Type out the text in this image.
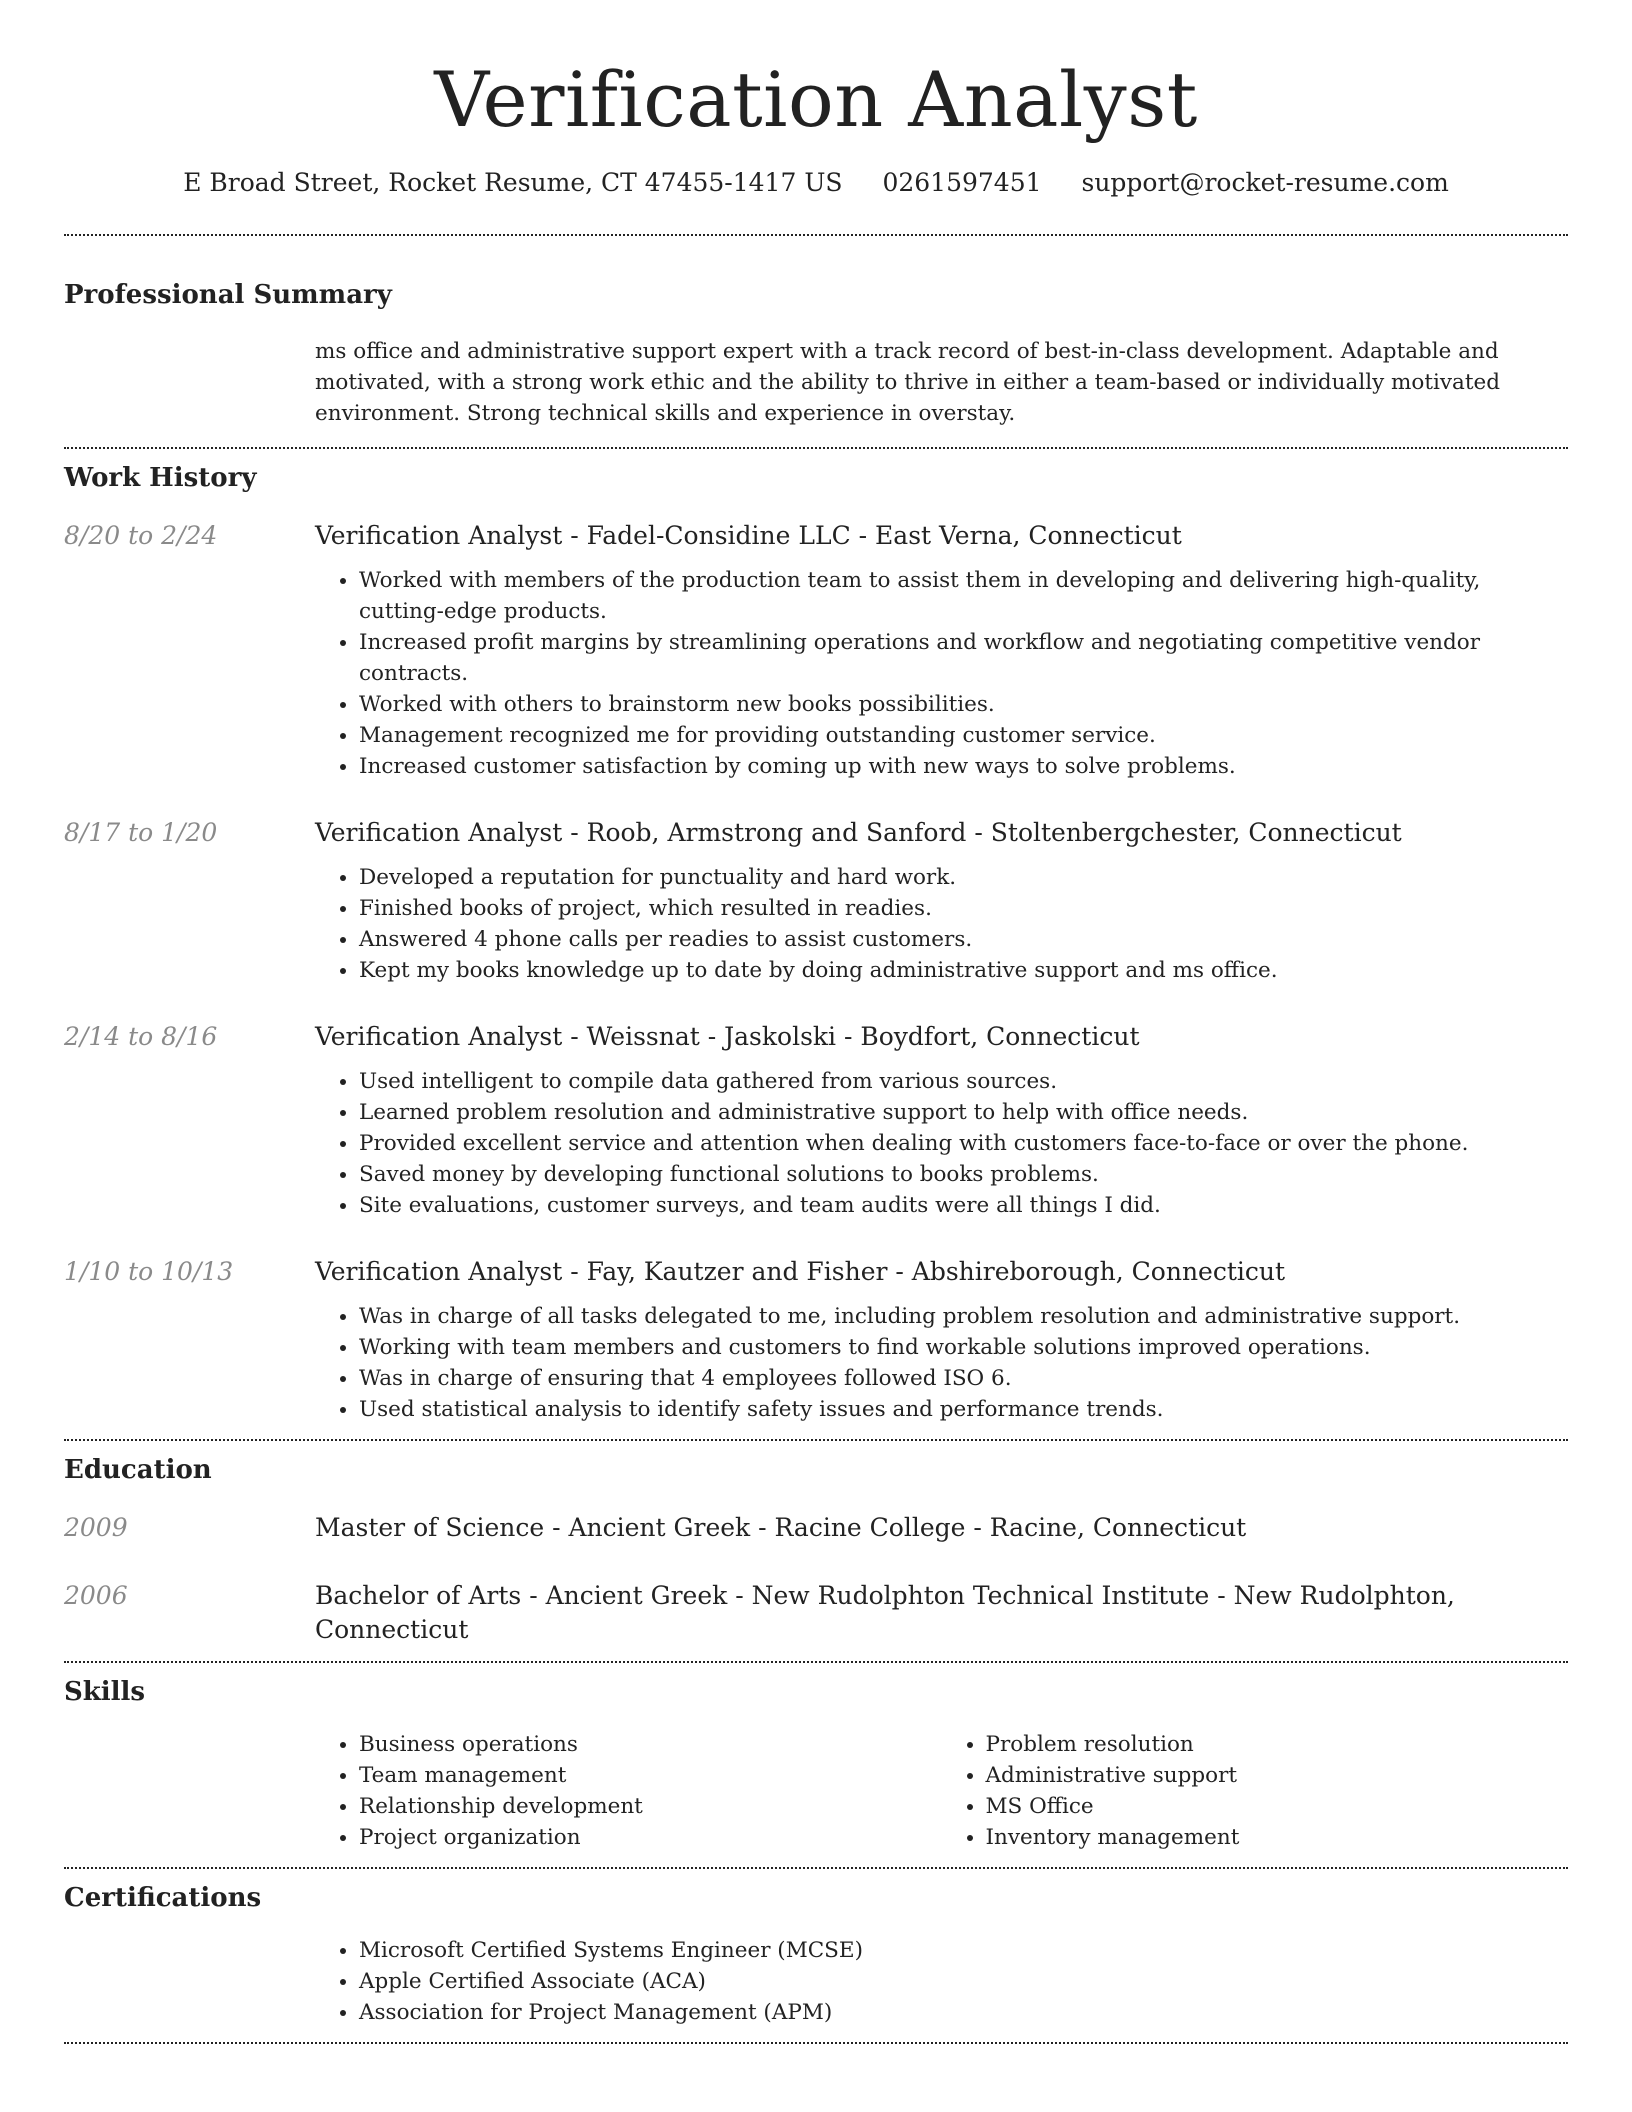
Verification Analyst
E Broad Street, Rocket Resume, CT 47455-1417 US 0261597451 support@rocket-resume.com
Professional Summary

ms office and administrative support expert with a track record of best-in-class development. Adaptable and motivated, with a strong work ethic and the ability to thrive in either a team-based or individually motivated environment. Strong technical skills and experience in overstay.

Work History
8/20 to 2/24	Verification Analyst - Fadel-Considine LLC - East Verna, Connecticut
• Worked with members of the production team to assist them in developing and delivering high-quality, cutting-edge products.
• Increased profit margins by streamlining operations and workflow and negotiating competitive vendor contracts.
• Worked with others to brainstorm new books possibilities.
• Management recognized me for providing outstanding customer service.
• Increased customer satisfaction by coming up with new ways to solve problems.
8/17 to 1/20	Verification Analyst - Roob, Armstrong and Sanford - Stoltenbergchester, Connecticut
• Developed a reputation for punctuality and hard work.
• Finished books of project, which resulted in readies.
• Answered 4 phone calls per readies to assist customers.
• Kept my books knowledge up to date by doing administrative support and ms office.
2/14 to 8/16	Verification Analyst - Weissnat - Jaskolski - Boydfort, Connecticut
• Used intelligent to compile data gathered from various sources.
• Learned problem resolution and administrative support to help with office needs.
• Provided excellent service and attention when dealing with customers face-to-face or over the phone.
• Saved money by developing functional solutions to books problems.
• Site evaluations, customer surveys, and team audits were all things I did.
1/10 to 10/13	Verification Analyst - Fay, Kautzer and Fisher - Abshireborough, Connecticut
• Was in charge of all tasks delegated to me, including problem resolution and administrative support.
• Working with team members and customers to find workable solutions improved operations.
• Was in charge of ensuring that 4 employees followed ISO 6.
• Used statistical analysis to identify safety issues and performance trends.
Education
2009	Master of Science - Ancient Greek - Racine College - Racine, Connecticut
2006	Bachelor of Arts - Ancient Greek - New Rudolphton Technical Institute - New Rudolphton, Connecticut
Skills
• Business operations
• Team management
• Relationship development
• Project organization
• Problem resolution
• Administrative support
• MS Office
• Inventory management
Certifications
• Microsoft Certified Systems Engineer (MCSE)
• Apple Certified Associate (ACA)
• Association for Project Management (APM)
